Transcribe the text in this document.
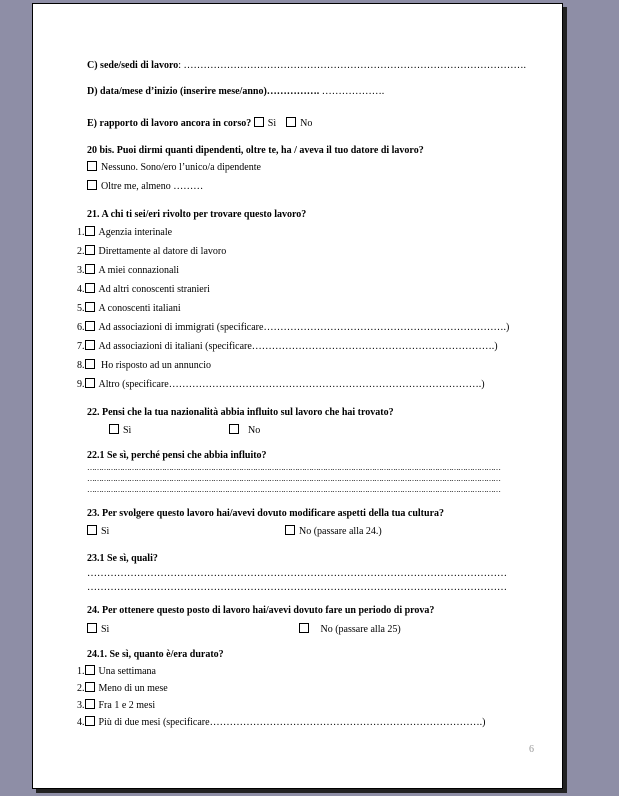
C) sede/sedi di lavoro: ………………………………………………………………………………………….
D) data/mese d’inizio (inserire mese/anno)……………. ……………….
E) rapporto di lavoro ancora in corso? Sì No
20 bis. Puoi dirmi quanti dipendenti, oltre te, ha / aveva il tuo datore di lavoro?
Nessuno. Sono/ero l’unico/a dipendente
Oltre me, almeno ………
21. A chi ti sei/eri rivolto per trovare questo lavoro?
1. Agenzia interinale
2. Direttamente al datore di lavoro
3. A miei connazionali
4. Ad altri conoscenti stranieri
5. A conoscenti italiani
6. Ad associazioni di immigrati (specificare……………………………………………………………….)
7. Ad associazioni di italiani (specificare……………………………………………………………….)
8. Ho risposto ad un annuncio
9. Altro (specificare………………………………………………………………………………….)
22. Pensi che la tua nazionalità abbia influito sul lavoro che hai trovato?
Sì	No
22.1 Se sì, perché pensi che abbia influito?
……………………………………………………………………………………………………………………………………………………………
……………………………………………………………………………………………………………………………………………………………
……………………………………………………………………………………………………………………………………………………………
23. Per svolgere questo lavoro hai/avevi dovuto modificare aspetti della tua cultura?
Sì	No (passare alla 24.)
23.1 Se sì, quali?
………………………………………………………………………………………………………………
………………………………………………………………………………………………………………
24. Per ottenere questo posto di lavoro hai/avevi dovuto fare un periodo di prova?
Sì	No (passare alla 25)
24.1. Se sì, quanto è/era durato?
1. Una settimana
2. Meno di un mese
3. Fra 1 e 2 mesi
4. Più di due mesi (specificare……………………………………………………………………….)
6
